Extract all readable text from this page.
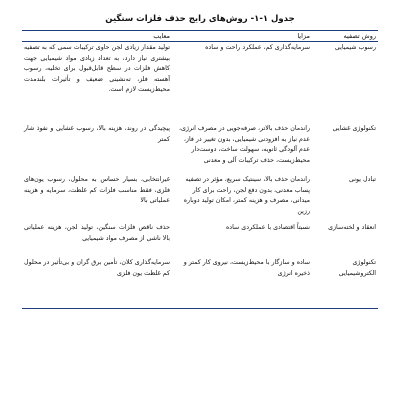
جدول ۱-۱- روش‌های رایج حذف فلزات سنگین
روش تصفیه
مزایا
معایب
رسوب شیمیایی
سرمایه‌گذاری کم، عملکرد راحت و ساده
تولید مقدار زیادی لجن حاوی ترکیبات سمی که به تصفیه بیشتری نیاز دارد، به تعداد زیادی مواد شیمیایی جهت کاهش فلزات در سطح قابل‌قبول برای تخلیه، رسوب آهسته فلز، تەنشینی ضعیف و تأثیرات بلندمدت محیط‌زیست لازم است.
تکنولوژی غشایی
راندمان حذف بالاتر، صرفه‌جویی در مصرف انرژی، عدم نیاز به افزودنی شیمیایی، بدون تغییر در فاز، عدم آلودگی ثانویه، سهولت ساخت، دوست‌دار محیط‌زیست، حذف ترکیبات آلی و معدنی
پیچیدگی در روند، هزینه بالا، رسوب غشایی و نفوذ شار کمتر
تبادل یونی
راندمان حذف بالا، سینتیک سریع، مؤثر در تصفیه پساب معدنی، بدون دفع لجن، راحت برای کار میدانی، مصرف و هزینه کمتر، امکان تولید دوباره رزین
غیرانتخابی، بسیار حساس به محلول، رسوب یون‌های فلزی، فقط مناسب فلزات کم غلظت، سرمایه و هزینه عملیاتی بالا
انعقاد و لخته‌سازی
نسبتاً اقتصادی با عملکردی ساده
حذف ناقص فلزات سنگین، تولید لجن، هزینه عملیاتی بالا ناشی از مصرف مواد شیمیایی
تکنولوژی الکتروشیمیایی
ساده و سازگار با محیط‌زیست، نیروی کار کمتر و ذخیره انرژی
سرمایه‌گذاری کلان، تأمین برق گران و بی‌تأثیر در محلول کم غلظت یون فلزی
